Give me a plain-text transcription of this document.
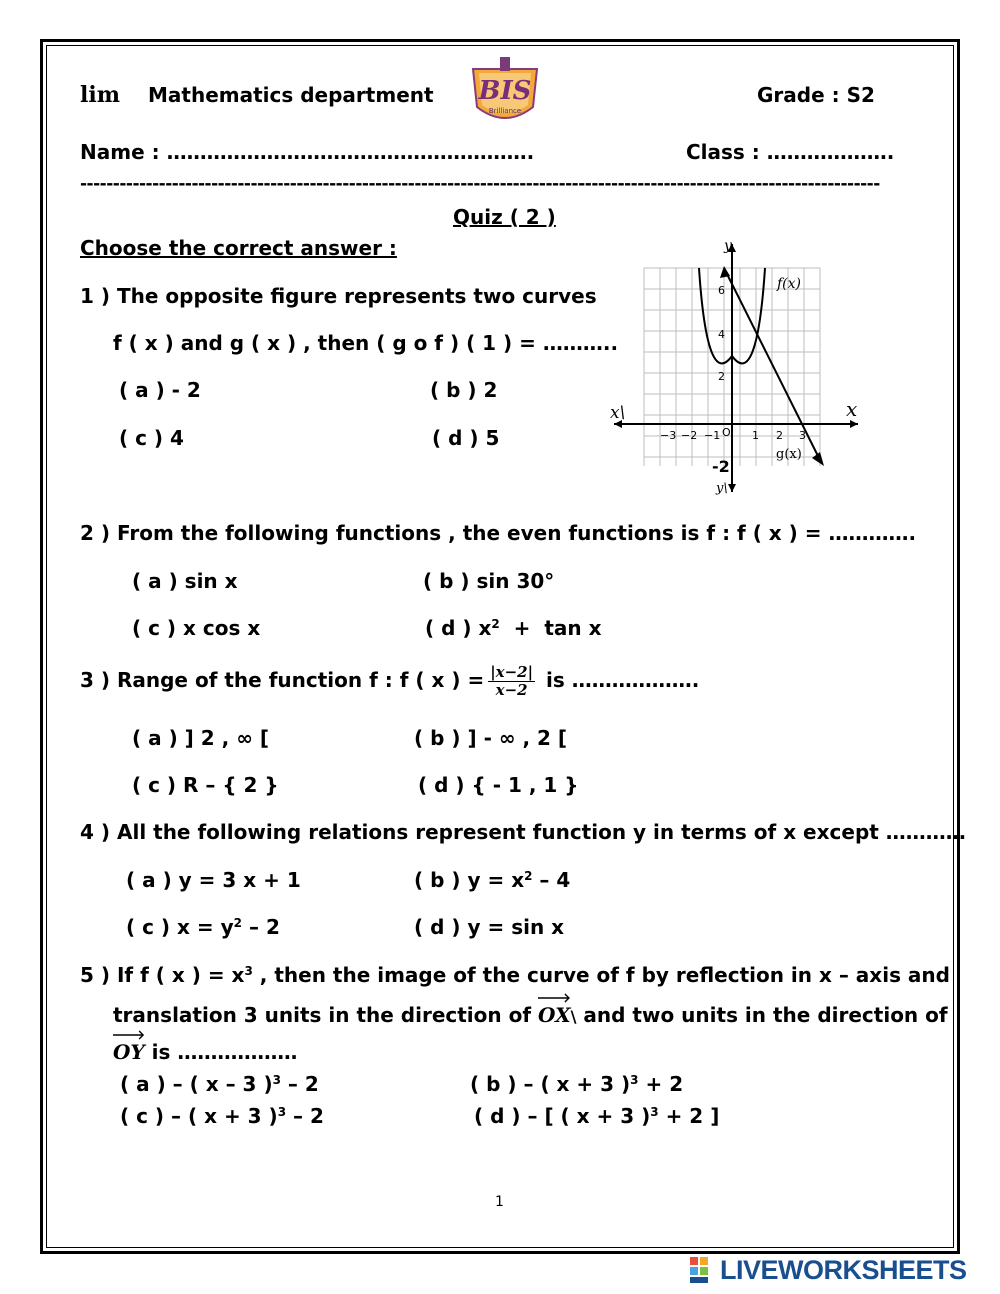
lim Mathematics department BIS
Brilliance
Grade : S2
Name : ……………………………………………….	Class : ……………….
--------------------------------------------------------------------------------------------------------------------------
Quiz ( 2 )
Choose the correct answer :
1 ) The opposite figure represents two curves
f ( x ) and g ( x ) , then ( g o f ) ( 1 ) = ………..
( a ) - 2	( b ) 2
( c ) 4	( d ) 5
f(x)
g(x)
x
x\
y
y\
O
−3 −2 −1	1 2 3
2
4
6
-2
2 ) From the following functions , the even functions is f : f ( x ) = ………….
( a ) sin x	( b ) sin 30°
( c ) x cos x	( d ) $x^2 + \tan x$
3 ) Range of the function f : f ( x ) = $\frac{|x-2|}{x-2}$ is ……………….
( a ) ] 2 , ∞ [	( b ) ] - ∞ , 2 [
( c ) R – { 2 }	( d ) { - 1 , 1 }
4 ) All the following relations represent function y in terms of x except …………
( a ) y = 3 x + 1	( b ) $y = x^2 - 4$
( c ) $x = y^2 - 2$	( d ) y = sin x
5 ) If f ( x ) = $x^3$ , then the image of the curve of f by reflection in x – axis and
translation 3 units in the direction of OX\ and two units in the direction of
OY is ………………
( a ) – ( x – 3 )$^3$ – 2	( b ) – ( x + 3 )$^3$ + 2
( c ) – ( x + 3 )$^3$ – 2	( d ) – [ ( x + 3 )$^3$ + 2 ]
1
LIVEWORKSHEETS
